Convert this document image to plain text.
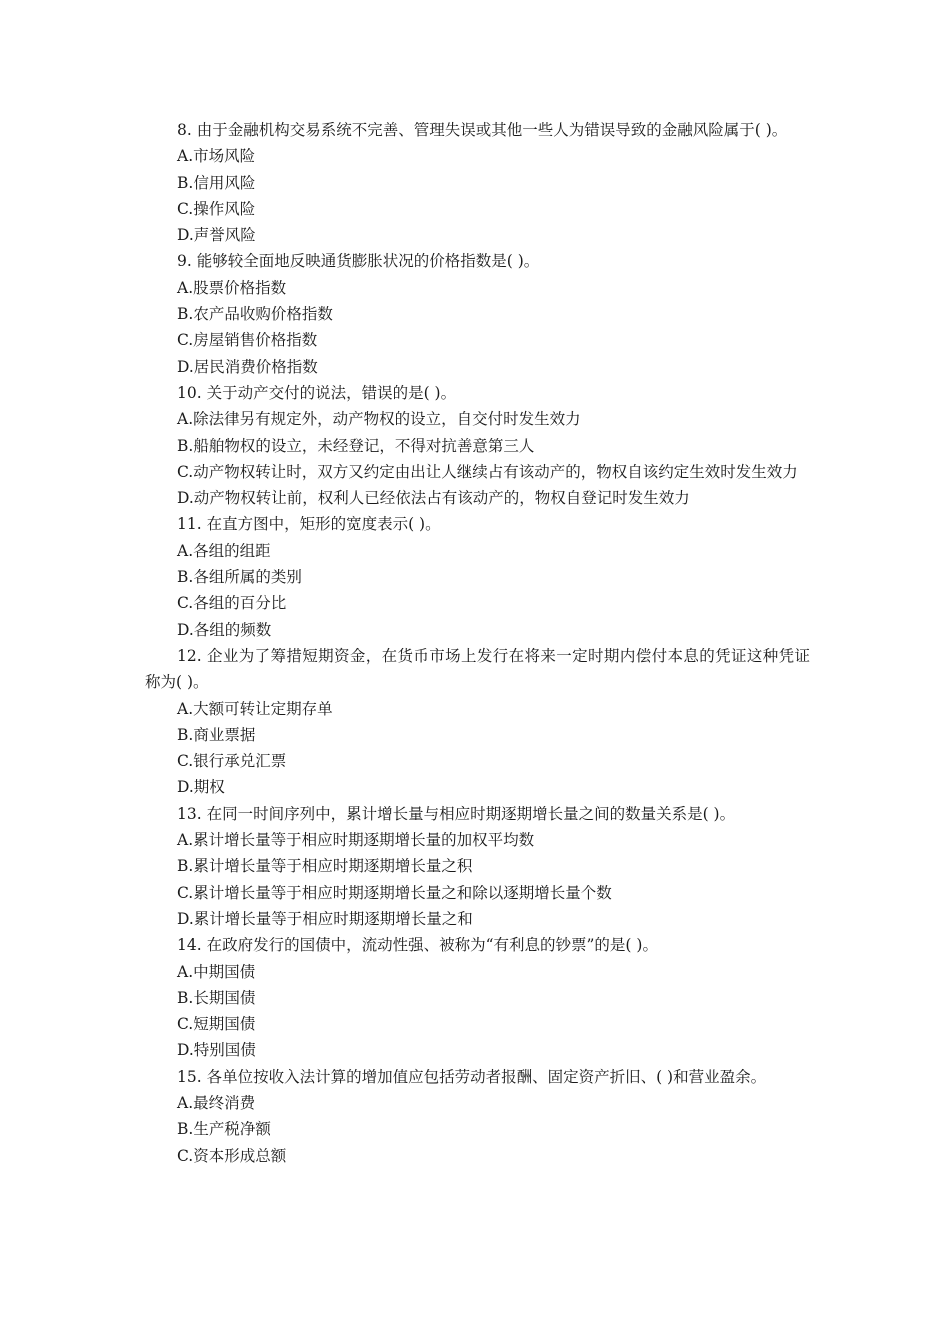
8. 由于金融机构交易系统不完善、管理失误或其他一些人为错误导致的金融风险属于( )。
A.市场风险
B.信用风险
C.操作风险
D.声誉风险
9. 能够较全面地反映通货膨胀状况的价格指数是( )。
A.股票价格指数
B.农产品收购价格指数
C.房屋销售价格指数
D.居民消费价格指数
10. 关于动产交付的说法，错误的是( )。
A.除法律另有规定外，动产物权的设立，自交付时发生效力
B.船舶物权的设立，未经登记，不得对抗善意第三人
C.动产物权转让时，双方又约定由出让人继续占有该动产的，物权自该约定生效时发生效力
D.动产物权转让前，权利人已经依法占有该动产的，物权自登记时发生效力
11. 在直方图中，矩形的宽度表示( )。
A.各组的组距
B.各组所属的类别
C.各组的百分比
D.各组的频数
12. 企业为了筹措短期资金，在货币市场上发行在将来一定时期内偿付本息的凭证这种凭证称为( )。
A.大额可转让定期存单
B.商业票据
C.银行承兑汇票
D.期权
13. 在同一时间序列中，累计增长量与相应时期逐期增长量之间的数量关系是( )。
A.累计增长量等于相应时期逐期增长量的加权平均数
B.累计增长量等于相应时期逐期增长量之积
C.累计增长量等于相应时期逐期增长量之和除以逐期增长量个数
D.累计增长量等于相应时期逐期增长量之和
14. 在政府发行的国债中，流动性强、被称为“有利息的钞票”的是( )。
A.中期国债
B.长期国债
C.短期国债
D.特别国债
15. 各单位按收入法计算的增加值应包括劳动者报酬、固定资产折旧、( )和营业盈余。
A.最终消费
B.生产税净额
C.资本形成总额
